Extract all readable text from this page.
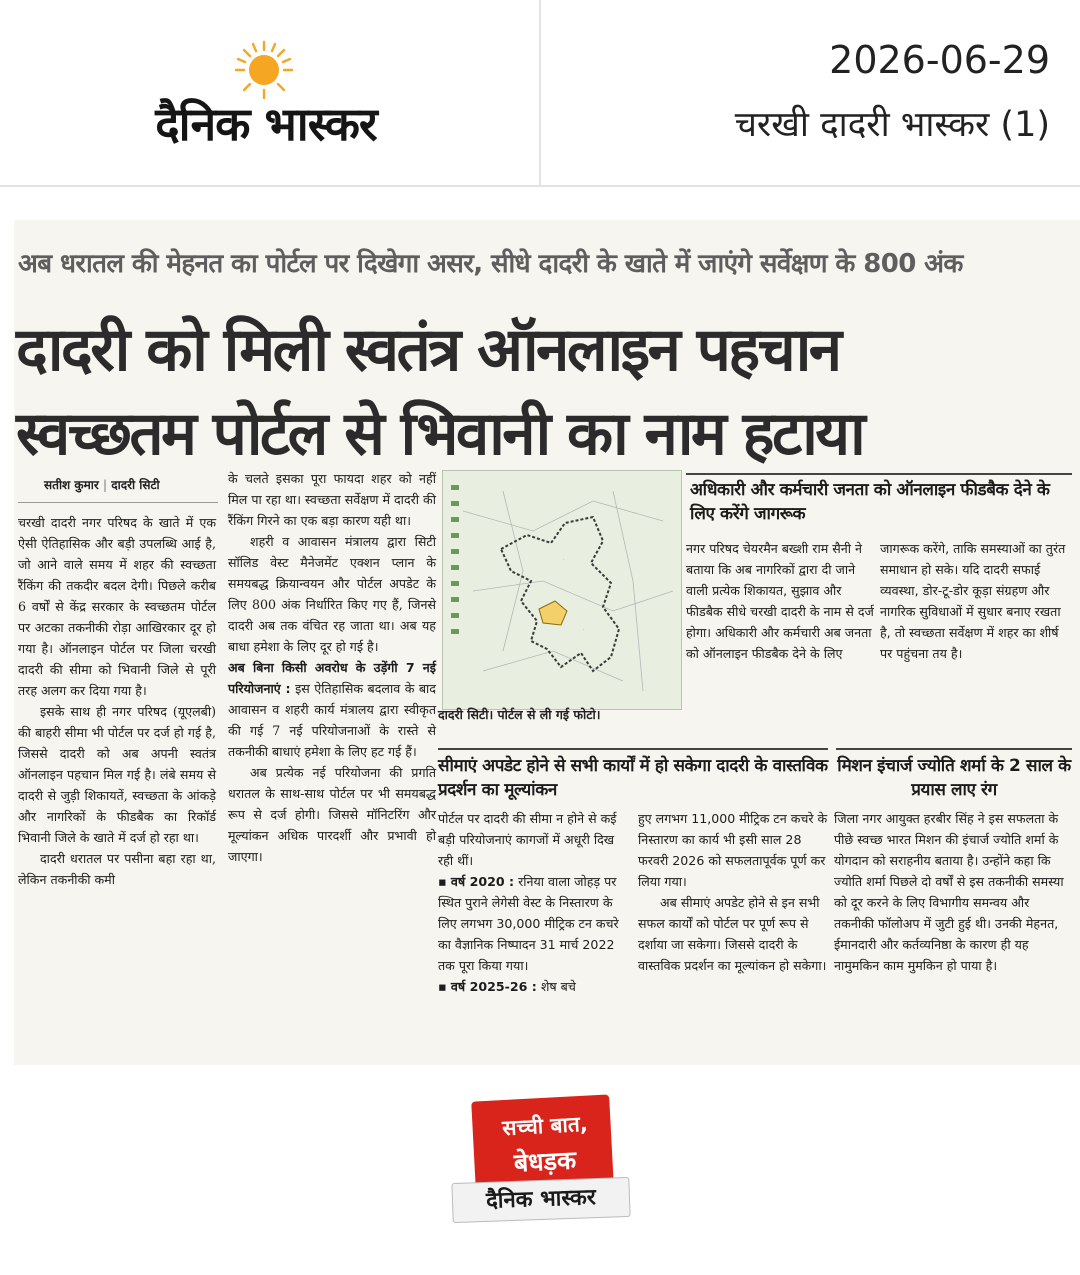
दैनिक भास्कर
2026-06-29
चरखी दादरी भास्कर (1)
अब धरातल की मेहनत का पोर्टल पर दिखेगा असर, सीधे दादरी के खाते में जाएंगे सर्वेक्षण के 800 अंक
दादरी को मिली स्वतंत्र ऑनलाइन पहचान
स्वच्छतम पोर्टल से भिवानी का नाम हटाया
सतीश कुमार | दादरी सिटी

चरखी दादरी नगर परिषद के खाते में एक ऐसी ऐतिहासिक और बड़ी उपलब्धि आई है, जो आने वाले समय में शहर की स्वच्छता रैंकिंग की तकदीर बदल देगी। पिछले करीब 6 वर्षों से केंद्र सरकार के स्वच्छतम पोर्टल पर अटका तकनीकी रोड़ा आखिरकार दूर हो गया है। ऑनलाइन पोर्टल पर जिला चरखी दादरी की सीमा को भिवानी जिले से पूरी तरह अलग कर दिया गया है।

इसके साथ ही नगर परिषद (यूएलबी) की बाहरी सीमा भी पोर्टल पर दर्ज हो गई है, जिससे दादरी को अब अपनी स्वतंत्र ऑनलाइन पहचान मिल गई है। लंबे समय से दादरी से जुड़ी शिकायतें, स्वच्छता के आंकड़े और नागरिकों के फीडबैक का रिकॉर्ड भिवानी जिले के खाते में दर्ज हो रहा था।

दादरी धरातल पर पसीना बहा रहा था, लेकिन तकनीकी कमी

के चलते इसका पूरा फायदा शहर को नहीं मिल पा रहा था। स्वच्छता सर्वेक्षण में दादरी की रैंकिंग गिरने का एक बड़ा कारण यही था।

शहरी व आवासन मंत्रालय द्वारा सिटी सॉलिड वेस्ट मैनेजमेंट एक्शन प्लान के समयबद्ध क्रियान्वयन और पोर्टल अपडेट के लिए 800 अंक निर्धारित किए गए हैं, जिनसे दादरी अब तक वंचित रह जाता था। अब यह बाधा हमेशा के लिए दूर हो गई है।

अब बिना किसी अवरोध के उड़ेंगी 7 नई परियोजनाएं : इस ऐतिहासिक बदलाव के बाद आवासन व शहरी कार्य मंत्रालय द्वारा स्वीकृत की गई 7 नई परियोजनाओं के रास्ते से तकनीकी बाधाएं हमेशा के लिए हट गई हैं।

अब प्रत्येक नई परियोजना की प्रगति धरातल के साथ-साथ पोर्टल पर भी समयबद्ध रूप से दर्ज होगी। जिससे मॉनिटरिंग और मूल्यांकन अधिक पारदर्शी और प्रभावी हो जाएगा।

·
·
·
दादरी सिटी। पोर्टल से ली गई फोटो।
अधिकारी और कर्मचारी जनता को ऑनलाइन फीडबैक देने के लिए करेंगे जागरूक
नगर परिषद चेयरमैन बख्शी राम सैनी ने बताया कि अब नागरिकों द्वारा दी जाने वाली प्रत्येक शिकायत, सुझाव और फीडबैक सीधे चरखी दादरी के नाम से दर्ज होगा। अधिकारी और कर्मचारी अब जनता को ऑनलाइन फीडबैक देने के लिए
जागरूक करेंगे, ताकि समस्याओं का तुरंत समाधान हो सके। यदि दादरी सफाई व्यवस्था, डोर-टू-डोर कूड़ा संग्रहण और नागरिक सुविधाओं में सुधार बनाए रखता है, तो स्वच्छता सर्वेक्षण में शहर का शीर्ष पर पहुंचना तय है।
सीमाएं अपडेट होने से सभी कार्यों में हो सकेगा दादरी के वास्तविक प्रदर्शन का मूल्यांकन

पोर्टल पर दादरी की सीमा न होने से कई बड़ी परियोजनाएं कागजों में अधूरी दिख रही थीं।

▪ वर्ष 2020 : रनिया वाला जोहड़ पर स्थित पुराने लेगेसी वेस्ट के निस्तारण के लिए लगभग 30,000 मीट्रिक टन कचरे का वैज्ञानिक निष्पादन 31 मार्च 2022 तक पूरा किया गया।

▪ वर्ष 2025-26 : शेष बचे

हुए लगभग 11,000 मीट्रिक टन कचरे के निस्तारण का कार्य भी इसी साल 28 फरवरी 2026 को सफलतापूर्वक पूर्ण कर लिया गया।

अब सीमाएं अपडेट होने से इन सभी सफल कार्यों को पोर्टल पर पूर्ण रूप से दर्शाया जा सकेगा। जिससे दादरी के वास्तविक प्रदर्शन का मूल्यांकन हो सकेगा।

मिशन इंचार्ज ज्योति शर्मा के 2 साल के प्रयास लाए रंग
जिला नगर आयुक्त हरबीर सिंह ने इस सफलता के पीछे स्वच्छ भारत मिशन की इंचार्ज ज्योति शर्मा के योगदान को सराहनीय बताया है। उन्होंने कहा कि ज्योति शर्मा पिछले दो वर्षों से इस तकनीकी समस्या को दूर करने के लिए विभागीय समन्वय और तकनीकी फॉलोअप में जुटी हुई थी। उनकी मेहनत, ईमानदारी और कर्तव्यनिष्ठा के कारण ही यह नामुमकिन काम मुमकिन हो पाया है।
सच्ची बात,
बेधड़क
दैनिक भास्कर
